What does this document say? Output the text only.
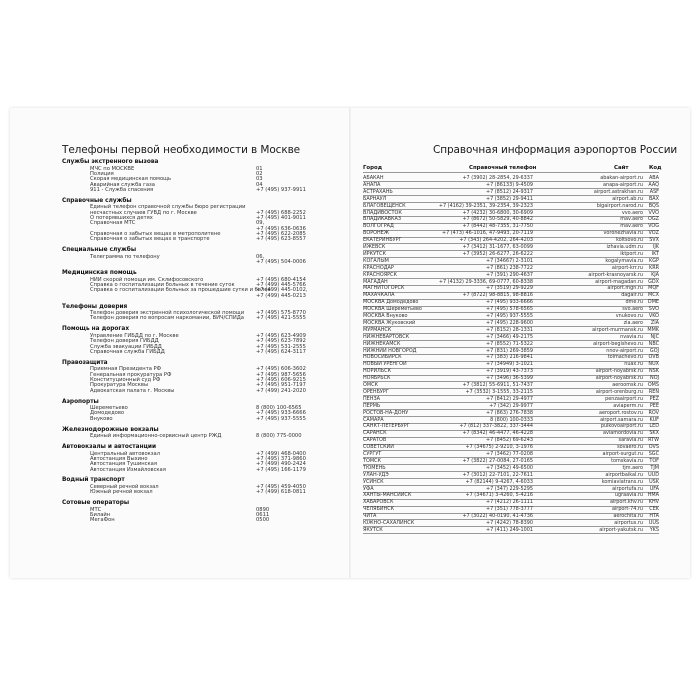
Телефоны первой необходимости в Москве
Службы экстренного вызова
МЧС по МОСКВЕ	01
Полиция	02
Скорая медицинская помощь	03
Аварийная служба газа	04
911 - Служба спасения	+7 (495) 937-9911
Справочные службы
Единый телефон справочной службы бюро регистрации
несчастных случаев ГУВД по г. Москве	+7 (495) 688-2252
О потерявшихся детях	+7 (495) 401-9011
Справочная МТС	09,
+7 (495) 636-0636
Справочная о забытых вещах в метрополитене	+7 (495) 622-2085
Справочная о забытых вещах в транспорте	+7 (495) 623-8557
Специальные службы
Телеграмма по телефону	06,
+7 (495) 504-0006
Медицинская помощь
НИИ скорой помощи им. Склифосовского	+7 (495) 680-4154
Справка о госпитализации больных в течение суток	+7 (499) 445-5766
Справка о госпитализации больных за прошедшие сутки и более
+7 (499) 445-0102,
+7 (499) 445-0213
Телефоны доверия
Телефон доверия экстренной психологической помощи +7 (495) 575-8770
Телефон доверия по вопросам наркомании, ВИЧ/СПИДа +7 (495) 421-5555
Помощь на дорогах
Управление ГИБДД по г. Москве	+7 (495) 623-4909
Телефон доверия ГИБДД	+7 (495) 623-7892
Служба эвакуации ГИБДД	+7 (495) 531-2555
Справочная служба ГИБДД	+7 (495) 624-3117
Правозащита
Приемная Президента РФ	+7 (495) 606-3602
Генеральная прокуратура РФ	+7 (495) 987-5656
Конституционный суд РФ	+7 (495) 606-9215
Прокуратура Москвы	+7 (495) 951-7197
Адвокатская палата г. Москвы	+7 (499) 241-2020
Аэропорты
Шереметьево	8 (800) 100-6565
Домодедово	+7 (495) 933-6666
Внуково	+7 (495) 937-5555
Железнодорожные вокзалы
Единый информационно-сервисный центр РЖД	8 (800) 775-0000
Автовокзалы и автостанции
Центральный автовокзал	+7 (499) 468-0400
Автостанция Выхино	+7 (495) 371-9860
Автостанция Тушинская	+7 (499) 490-2424
Автостанция Измайловская	+7 (495) 166-1179
Водный транспорт
Северный речной вокзал	+7 (495) 459-4050
Южный речной вокзал	+7 (499) 618-0811
Сотовые операторы
МТС	0890
Билайн	0611
МегаФон	0500
Справочная информация аэропортов России
Город	Справочный телефон	Сайт	Код
АБАКАН	+7 (3902) 28-2854, 29-6337	abakan-airport.ru	ABA
АНАПА	+7 (86133) 9-4509	anapa-airport.ru	AAQ
АСТРАХАНЬ	+7 (8512) 24-9317	airport.astrakhan.ru	ASF
БАРНАУЛ	+7 (3852) 29-9411	airport.ab.ru	BAX
БЛАГОВЕЩЕНСК	+7 (4162) 39-2351, 39-2354, 39-2323	bigairport.narod.ru	BQS
ВЛАДИВОСТОК	+7 (4232) 30-6800, 30-6909	vvo.aero	VVO
ВЛАДИКАВКАЗ	+7 (8672) 50-5829, 40-8842	mav.aero	OGZ
ВОЛГОГРАД	+7 (8442) 48-7355, 31-7750	mav.aero	VOG
ВОРОНЕЖ	+7 (473) 46-1016, 47-9493, 20-7119	voronezhavia.ru	VOZ
ЕКАТЕРИНБУРГ	+7 (343) 264-4202, 264-4203	koltsovo.ru	SVX
ИЖЕВСК	+7 (3412) 31-1677, 63-0099	izhavia.udm.ru	IJK
ИРКУТСК	+7 (3952) 26-6277, 26-6222	iktport.ru	IKT
КОГАЛЫМ	+7 (34667) 2-3101	kogalymavia.ru	KGP
КРАСНОДАР	+7 (861) 238-7722	airport-krr.ru	KRR
КРАСНОЯРСК	+7 (391) 290-4637	airport-krasnoyarsk.ru	KJA
МАГАДАН	+7 (4132) 29-3336, 69-0777, 60-8338	airport-magadan.ru	GDX
МАГНИТОГОРСК	+7 (3519) 29-9229	airport.mgn.ru	MQF
МАХАЧКАЛА	+7 (8722) 98-8815, 98-8816	dagair.ru	MCX
МОСКВА Домодедово	+7 (495) 933-6666	dme.ru	DME
МОСКВА Шереметьево	+7 (495) 578-6565	svo.aero	SVO
МОСКВА Внуково	+7 (495) 937-5555	vnukovo.ru	VKO
МОСКВА Жуковский	+7 (495) 228-9600	zia.aero	ZIA
МУРМАНСК	+7 (8152) 28-1331	airport-murmansk.ru MMK
НИЖНЕВАРТОВСК	+7 (3466) 49-2175	nvavia.ru	NJC
НИЖНЕКАМСК	+7 (8552) 71-5322	airport-begishevo.ru	NBC
НИЖНИЙ НОВГОРОД	+7 (831) 269-3859	nnov-airport.ru	GOJ
НОВОСИБИРСК	+7 (383) 216-9841	tolmachevo.ru	OVB
НОВЫЙ УРЕНГОЙ	+7 (34949) 3-1021	nuax.ru	NUX
НОРИЛЬСК	+7 (3919) 43-7373	airport-noyabrsk.ru	NSK
НОЯБРЬСК	+7 (3496) 36-5399	airport-noyabrsk.ru	NOJ
ОМСК	+7 (3812) 55-6911, 51-7437	aeroomsk.ru OMS
ОРЕНБУРГ	+7 (3532) 3-1555, 33-2115	airport-orenburg.ru	REN
ПЕНЗА	+7 (8412) 29-4977	penzaairport.ru	PEZ
ПЕРМЬ	+7 (342) 29-9977	aviaperm.ru	PEE
РОСТОВ-НА-ДОНУ	+7 (863) 276-7838	aeroport.rostov.ru	ROV
САМАРА	8 (800) 100-0333	airport.samara.ru	KUF
САНКТ-ПЕТЕРБУРГ	+7 (812) 337-3822, 337-3444	pulkovoairport.ru	LED
САРАНСК	+7 (8342) 46-4477, 46-4228	aviamordovia.ru	SKX
САРАТОВ	+7 (8452) 69-6243	saravia.ru	RTW
СОВЕТСКИЙ	+7 (34675) 2-9210, 3-1976	sovaero.ru	OVS
СУРГУТ	+7 (3462) 77-0208	airport-surgut.ru	SGC
ТОМСК	+7 (3822) 27-0084, 27-0165	tomskavia.ru	TOF
ТЮМЕНЬ	+7 (3452) 49-6500	tjm.aero	TJM
УЛАН-УДЭ	+7 (3012) 22-7101, 22-7611	airportbaikal.ru	UUD
УСИНСК	+7 (82144) 9-4267, 4-6033	komiaviatrans.ru	USK
УФА	+7 (347) 229-5295	airportufa.ru	UFA
ХАНТЫ-МАНСИЙСК	+7 (34671) 3-4260, 5-4216	ugraavia.ru HMA
ХАБАРОВСК	+7 (4212) 26-1111	airport.khv.ru	KHV
ЧЕЛЯБИНСК	+7 (351) 778-3777	airport-74.ru	CEK
ЧИТА	+7 (3022) 40-0190, 41-4736	aerochita.ru	HTA
ЮЖНО-САХАЛИНСК	+7 (4242) 78-8390	airportus.ru	UUS
ЯКУТСК	+7 (411) 249-1001	airport-yakutsk.ru	YKS
